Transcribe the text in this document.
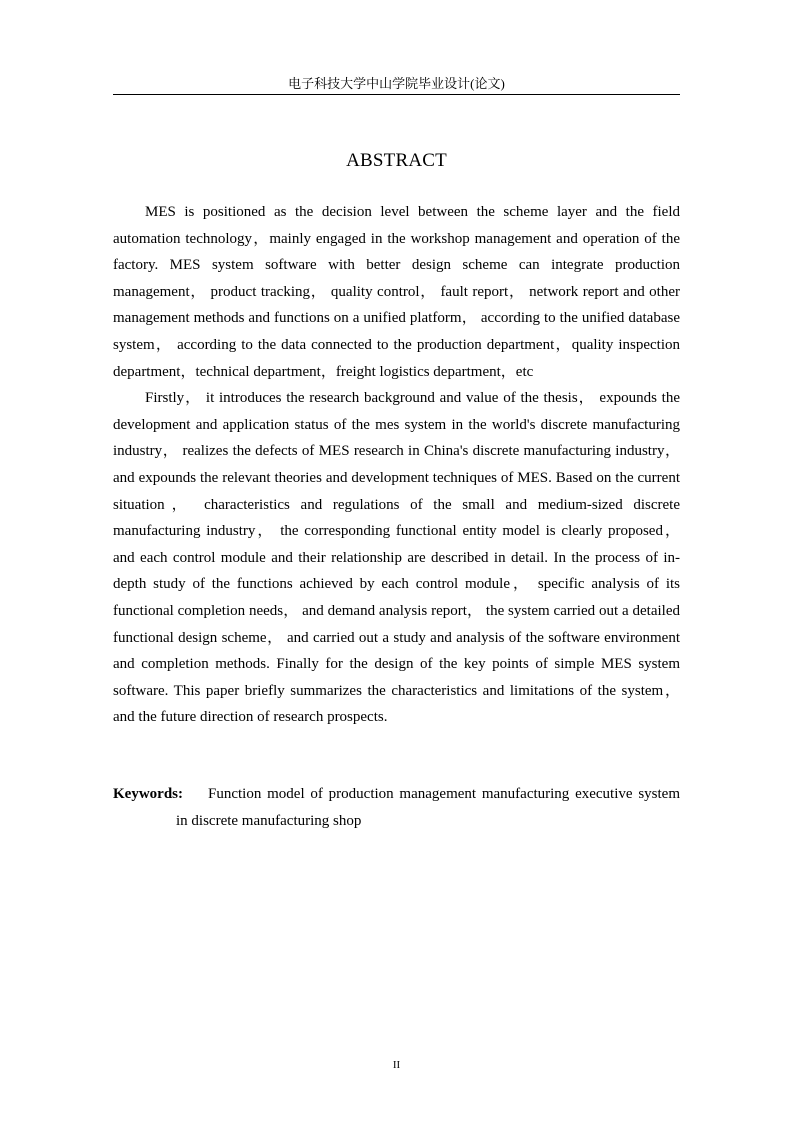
电子科技大学中山学院毕业设计(论文)
ABSTRACT

MES is positioned as the decision level between the scheme layer and the field automation technology，mainly engaged in the workshop management and operation of the factory. MES system software with better design scheme can integrate production management， product tracking， quality control， fault report， network report and other management methods and functions on a unified platform， according to the unified database system， according to the data connected to the production department，quality inspection department，technical department，freight logistics department，etc

Firstly， it introduces the research background and value of the thesis， expounds the development and application status of the mes system in the world's discrete manufacturing industry， realizes the defects of MES research in China's discrete manufacturing industry， and expounds the relevant theories and development techniques of MES. Based on the current situation， characteristics and regulations of the small and medium-sized discrete manufacturing industry， the corresponding functional entity model is clearly proposed， and each control module and their relationship are described in detail. In the process of in-depth study of the functions achieved by each control module， specific analysis of its functional completion needs， and demand analysis report， the system carried out a detailed functional design scheme， and carried out a study and analysis of the software environment and completion methods. Finally for the design of the key points of simple MES system software. This paper briefly summarizes the characteristics and limitations of the system， and the future direction of research prospects.

Keywords: Function model of production management manufacturing executive system in discrete manufacturing shop
II
